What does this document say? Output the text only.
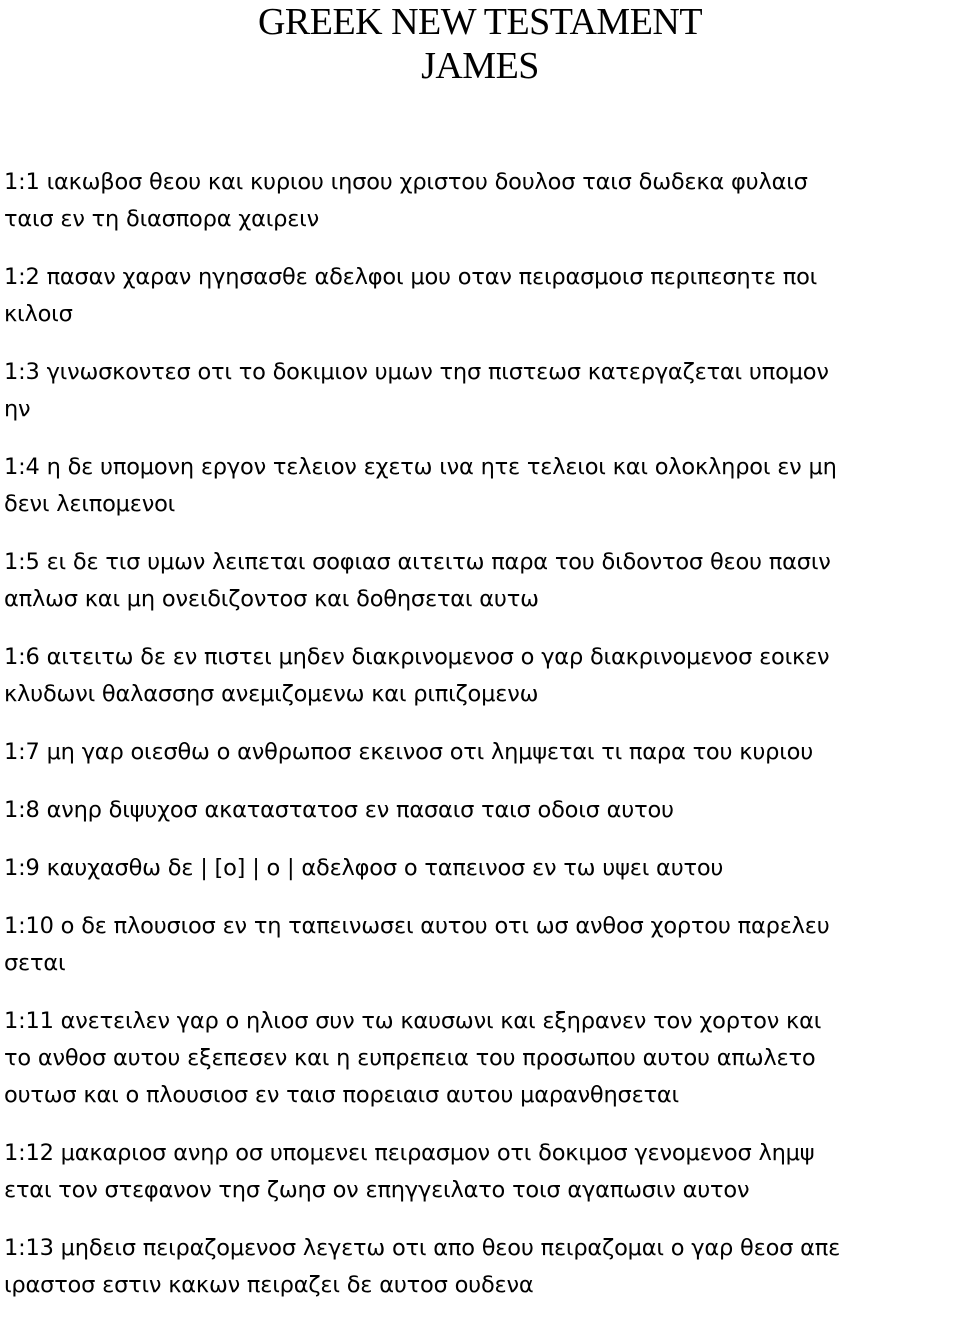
GREEK NEW TESTAMENT
JAMES
1:1 ιακωβοσ θεου και κυριου ιησου χριστου δουλοσ ταισ δωδεκα φυλαισ
ταισ εν τη διασπορα χαιρειν
1:2 πασαν χαραν ηγησασθε αδελφοι μου οταν πειρασμοισ περιπεσητε ποι
κιλοισ
1:3 γινωσκοντεσ οτι το δοκιμιον υμων τησ πιστεωσ κατεργαζεται υπομον
ην
1:4 η δε υπομονη εργον τελειον εχετω ινα ητε τελειοι και ολοκληροι εν μη
δενι λειπομενοι
1:5 ει δε τισ υμων λειπεται σοφιασ αιτειτω παρα του διδοντοσ θεου πασιν
απλωσ και μη ονειδιζοντοσ και δοθησεται αυτω
1:6 αιτειτω δε εν πιστει μηδεν διακρινομενοσ ο γαρ διακρινομενοσ εοικεν
κλυδωνι θαλασσησ ανεμιζομενω και ριπιζομενω
1:7 μη γαρ οιεσθω ο ανθρωποσ εκεινοσ οτι λημψεται τι παρα του κυριου
1:8 ανηρ διψυχοσ ακαταστατοσ εν πασαισ ταισ οδοισ αυτου
1:9 καυχασθω δε | [ο] | ο | αδελφοσ ο ταπεινοσ εν τω υψει αυτου
1:10 ο δε πλουσιοσ εν τη ταπεινωσει αυτου οτι ωσ ανθοσ χορτου παρελευ
σεται
1:11 ανετειλεν γαρ ο ηλιοσ συν τω καυσωνι και εξηρανεν τον χορτον και
το ανθοσ αυτου εξεπεσεν και η ευπρεπεια του προσωπου αυτου απωλετο
ουτωσ και ο πλουσιοσ εν ταισ πορειαισ αυτου μαρανθησεται
1:12 μακαριοσ ανηρ οσ υπομενει πειρασμον οτι δοκιμοσ γενομενοσ λημψ
εται τον στεφανον τησ ζωησ ον επηγγειλατο τοισ αγαπωσιν αυτον
1:13 μηδεισ πειραζομενοσ λεγετω οτι απο θεου πειραζομαι ο γαρ θεοσ απε
ιραστοσ εστιν κακων πειραζει δε αυτοσ ουδενα
